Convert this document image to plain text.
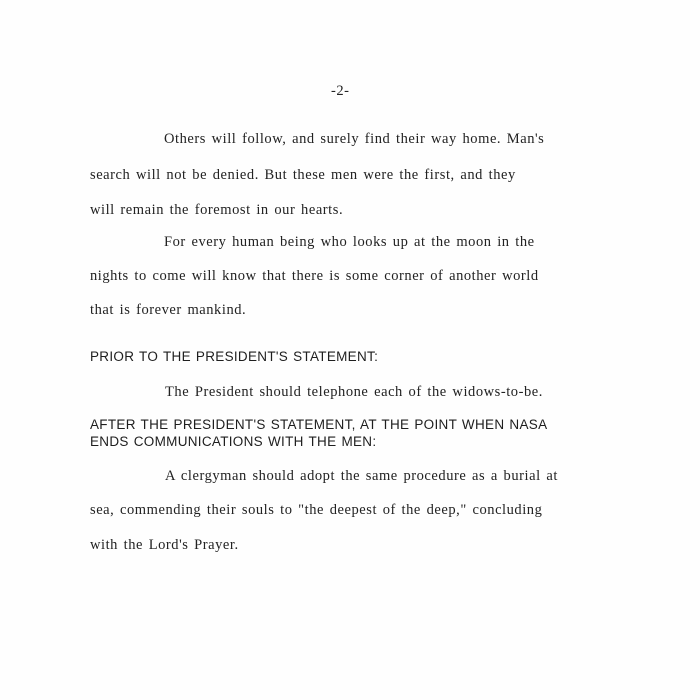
-2-
Others will follow, and surely find their way home. Man's
search will not be denied. But these men were the first, and they
will remain the foremost in our hearts.
For every human being who looks up at the moon in the
nights to come will know that there is some corner of another world
that is forever mankind.
PRIOR TO THE PRESIDENT'S STATEMENT:
The President should telephone each of the widows-to-be.
AFTER THE PRESIDENT'S STATEMENT, AT THE POINT WHEN NASA
ENDS COMMUNICATIONS WITH THE MEN:
A clergyman should adopt the same procedure as a burial at
sea, commending their souls to "the deepest of the deep," concluding
with the Lord's Prayer.
